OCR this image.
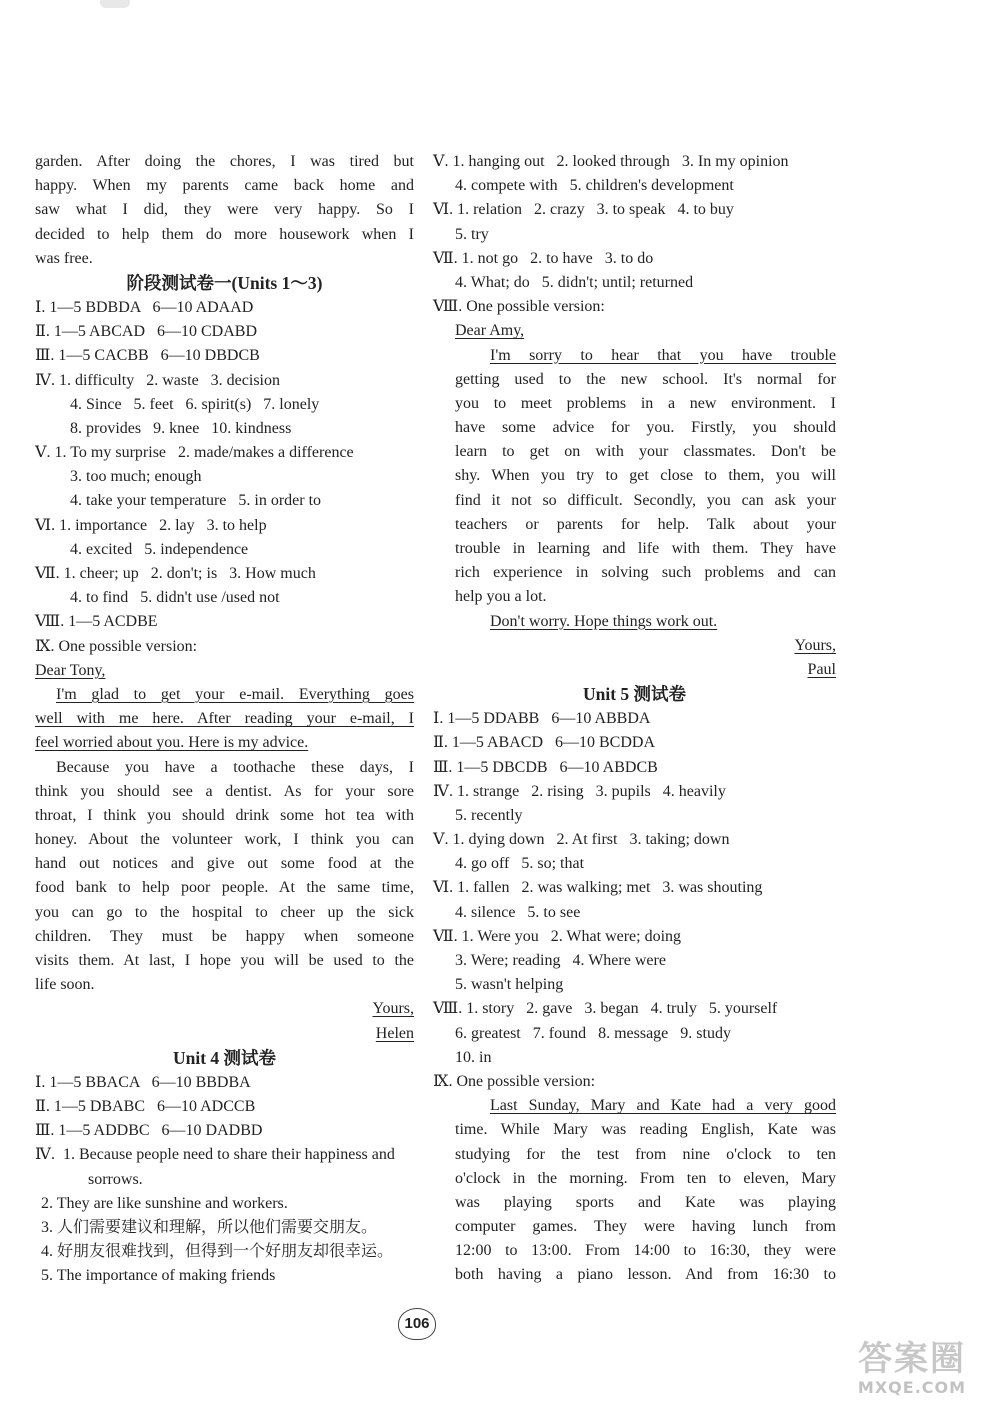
garden. After doing the chores, I was tired but
happy. When my parents came back home and
saw what I did, they were very happy. So I
decided to help them do more housework when I
was free.
阶段测试卷一(Units 1～3)
Ⅰ. 1—5 BDBDA   6—10 ADAAD
Ⅱ. 1—5 ABCAD   6—10 CDABD
Ⅲ. 1—5 CACBB   6—10 DBDCB
Ⅳ. 1. difficulty   2. waste   3. decision
4. Since   5. feet   6. spirit(s)   7. lonely
8. provides   9. knee   10. kindness
Ⅴ. 1. To my surprise   2. made/makes a difference
3. too much; enough
4. take your temperature   5. in order to
Ⅵ. 1. importance   2. lay   3. to help
4. excited   5. independence
Ⅶ. 1. cheer; up   2. don't; is   3. How much
4. to find   5. didn't use /used not
Ⅷ. 1—5 ACDBE
Ⅸ. One possible version:
Dear Tony,
I'm glad to get your e-mail. Everything goes
well with me here. After reading your e-mail, I
feel worried about you. Here is my advice.
Because you have a toothache these days, I
think you should see a dentist. As for your sore
throat, I think you should drink some hot tea with
honey. About the volunteer work, I think you can
hand out notices and give out some food at the
food bank to help poor people. At the same time,
you can go to the hospital to cheer up the sick
children. They must be happy when someone
visits them. At last, I hope you will be used to the
life soon.
Yours,
Helen
Unit 4 测试卷
Ⅰ. 1—5 BBACA   6—10 BBDBA
Ⅱ. 1—5 DBABC   6—10 ADCCB
Ⅲ. 1—5 ADDBC   6—10 DADBD
Ⅳ.  1. Because people need to share their happiness and
sorrows.
2. They are like sunshine and workers.
3. 人们需要建议和理解，所以他们需要交朋友。
4. 好朋友很难找到，但得到一个好朋友却很幸运。
5. The importance of making friends
Ⅴ. 1. hanging out   2. looked through   3. In my opinion
4. compete with   5. children's development
Ⅵ. 1. relation   2. crazy   3. to speak   4. to buy
5. try
Ⅶ. 1. not go   2. to have   3. to do
4. What; do   5. didn't; until; returned
Ⅷ. One possible version:
Dear Amy,
I'm sorry to hear that you have trouble
getting used to the new school. It's normal for
you to meet problems in a new environment. I
have some advice for you. Firstly, you should
learn to get on with your classmates. Don't be
shy. When you try to get close to them, you will
find it not so difficult. Secondly, you can ask your
teachers or parents for help. Talk about your
trouble in learning and life with them. They have
rich experience in solving such problems and can
help you a lot.
Don't worry. Hope things work out.
Yours,
Paul
Unit 5 测试卷
Ⅰ. 1—5 DDABB   6—10 ABBDA
Ⅱ. 1—5 ABACD   6—10 BCDDA
Ⅲ. 1—5 DBCDB   6—10 ABDCB
Ⅳ. 1. strange   2. rising   3. pupils   4. heavily
5. recently
Ⅴ. 1. dying down   2. At first   3. taking; down
4. go off   5. so; that
Ⅵ. 1. fallen   2. was walking; met   3. was shouting
4. silence   5. to see
Ⅶ. 1. Were you   2. What were; doing
3. Were; reading   4. Where were
5. wasn't helping
Ⅷ. 1. story   2. gave   3. began   4. truly   5. yourself
6. greatest   7. found   8. message   9. study
10. in
Ⅸ. One possible version:
Last Sunday, Mary and Kate had a very good
time. While Mary was reading English, Kate was
studying for the test from nine o'clock to ten
o'clock in the morning. From ten to eleven, Mary
was playing sports and Kate was playing
computer games. They were having lunch from
12:00 to 13:00. From 14:00 to 16:30, they were
both having a piano lesson. And from 16:30 to
106
答案圈
MXQE.COM
